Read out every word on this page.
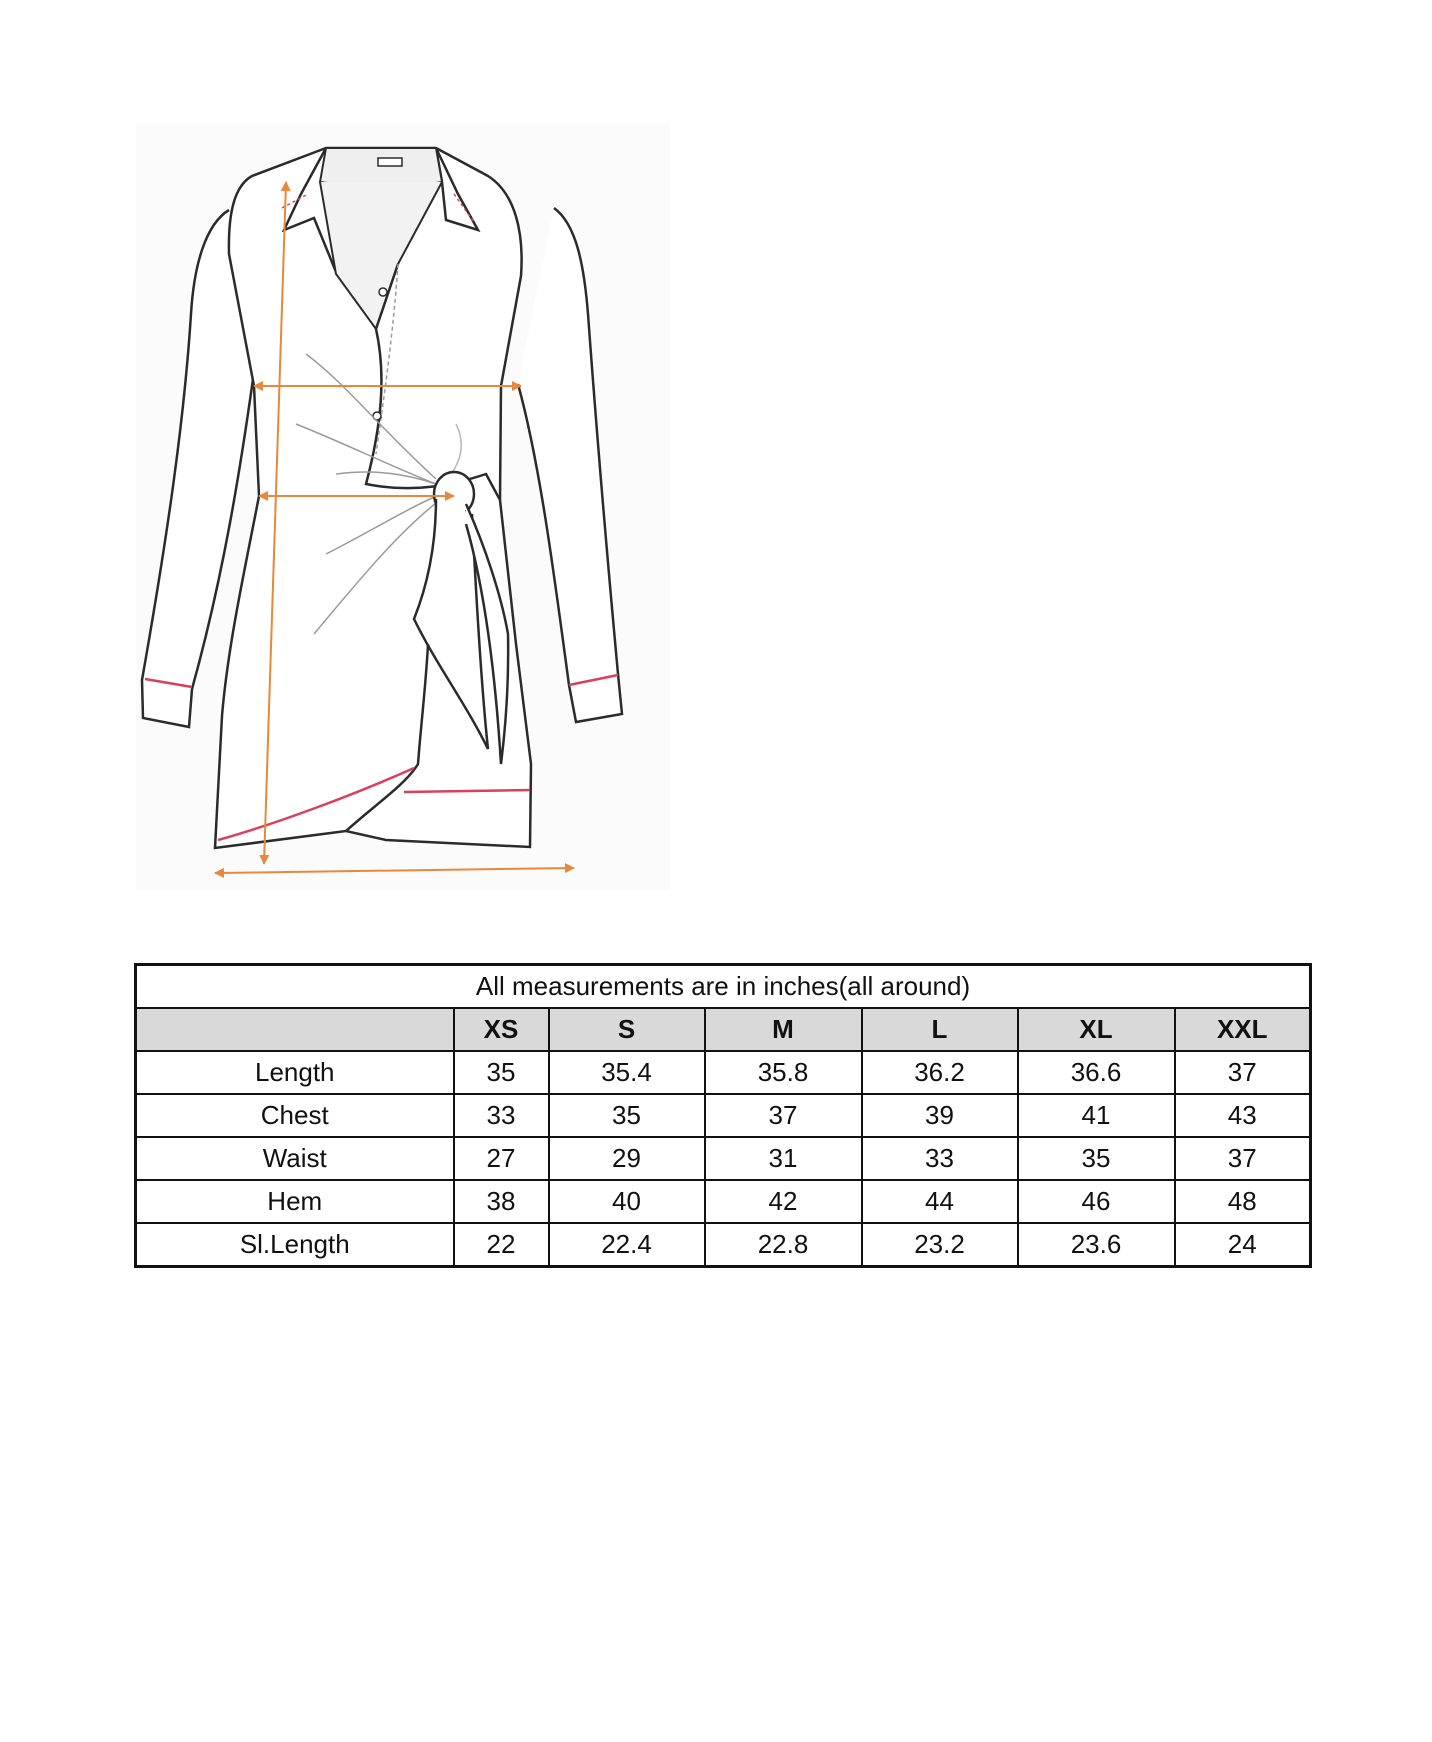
All measurements are in inches(all around)						
	XS	S	M	L	XL	XXL
Length	35	35.4	35.8	36.2	36.6	37
Chest	33	35	37	39	41	43
Waist	27	29	31	33	35	37
Hem	38	40	42	44	46	48
Sl.Length	22	22.4	22.8	23.2	23.6	24
